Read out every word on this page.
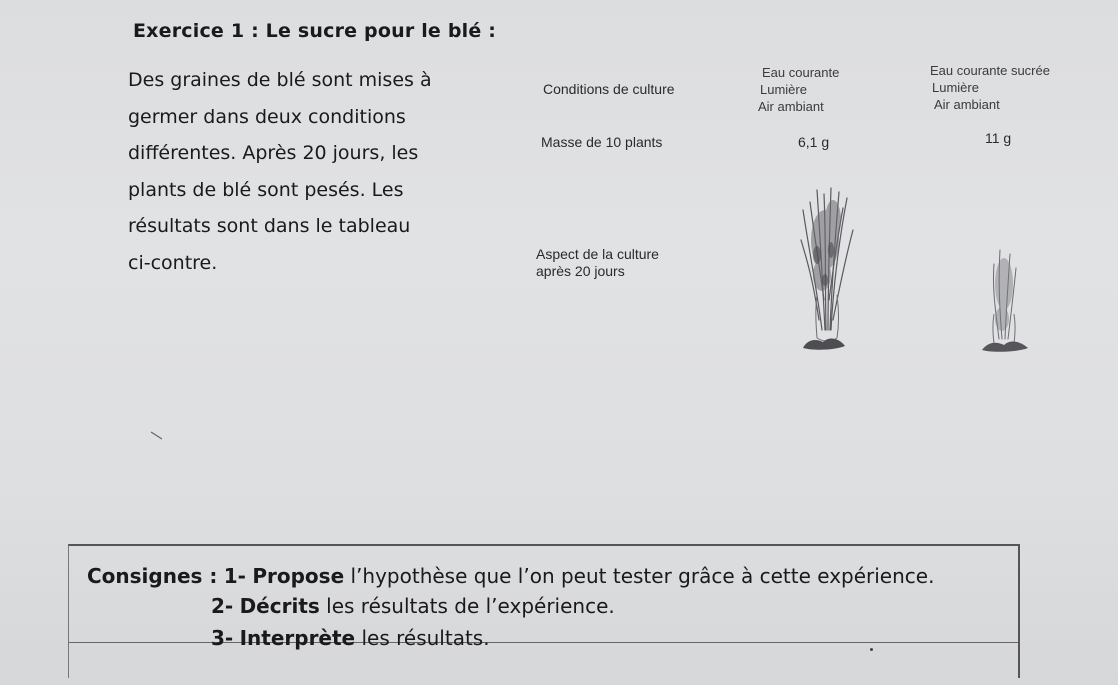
Exercice 1 : Le sucre pour le blé :
Des graines de blé sont mises à
germer dans deux conditions
différentes. Après 20 jours, les
plants de blé sont pesés. Les
résultats sont dans le tableau
ci-contre.
Conditions de culture
Masse de 10 plants
Aspect de la culture
après 20 jours
Eau courante
Lumière
Air ambiant
Eau courante sucrée
Lumière
Air ambiant
6,1 g	11 g
Consignes : 1- Propose l’hypothèse que l’on peut tester grâce à cette expérience.
2- Décrits les résultats de l’expérience.
3- Interprète les résultats.
